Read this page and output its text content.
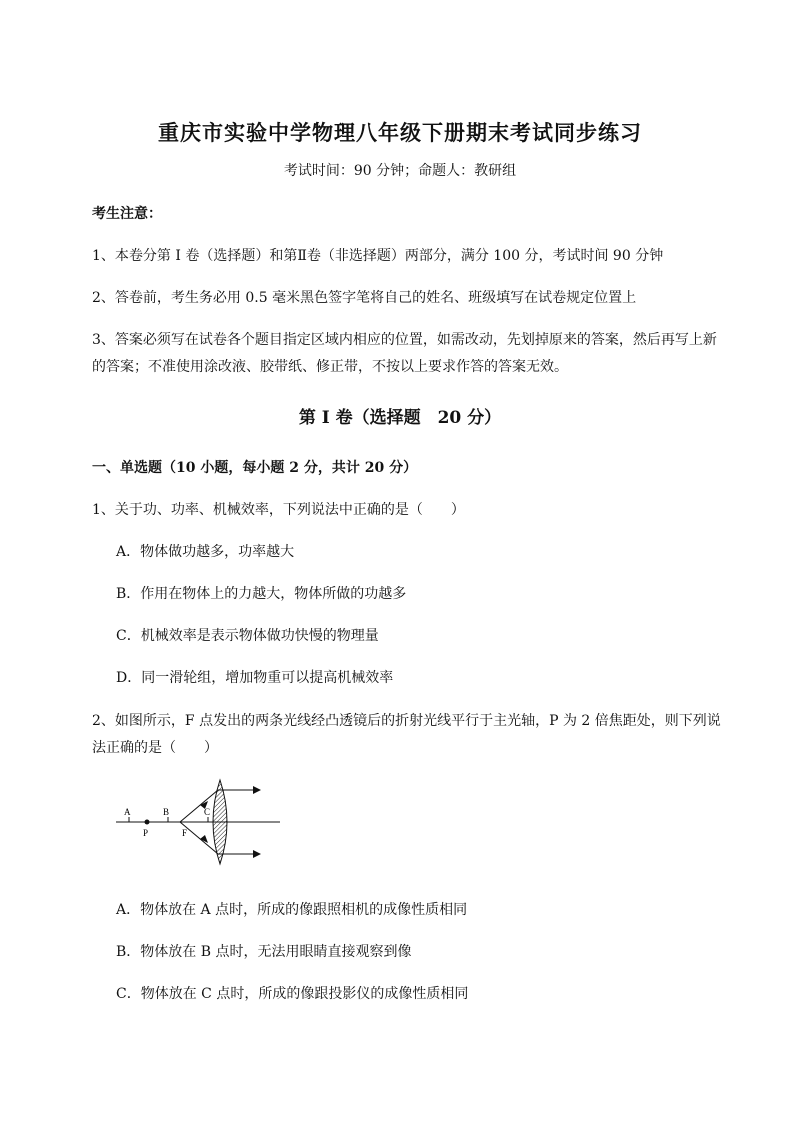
重庆市实验中学物理八年级下册期末考试同步练习
考试时间：90 分钟；命题人：教研组
考生注意：
1、本卷分第 I 卷（选择题）和第Ⅱ卷（非选择题）两部分，满分 100 分，考试时间 90 分钟
2、答卷前，考生务必用 0.5 毫米黑色签字笔将自己的姓名、班级填写在试卷规定位置上
3、答案必须写在试卷各个题目指定区域内相应的位置，如需改动，先划掉原来的答案，然后再写上新
的答案；不准使用涂改液、胶带纸、修正带，不按以上要求作答的答案无效。
第 I 卷（选择题　20 分）
一、单选题（10 小题，每小题 2 分，共计 20 分）
1、关于功、功率、机械效率，下列说法中正确的是（　　）
A．物体做功越多，功率越大
B．作用在物体上的力越大，物体所做的功越多
C．机械效率是表示物体做功快慢的物理量
D．同一滑轮组，增加物重可以提高机械效率
2、如图所示，F 点发出的两条光线经凸透镜后的折射光线平行于主光轴，P 为 2 倍焦距处，则下列说
法正确的是（　　）
A	B	C
P	F
A．物体放在 A 点时，所成的像跟照相机的成像性质相同
B．物体放在 B 点时，无法用眼睛直接观察到像
C．物体放在 C 点时，所成的像跟投影仪的成像性质相同
